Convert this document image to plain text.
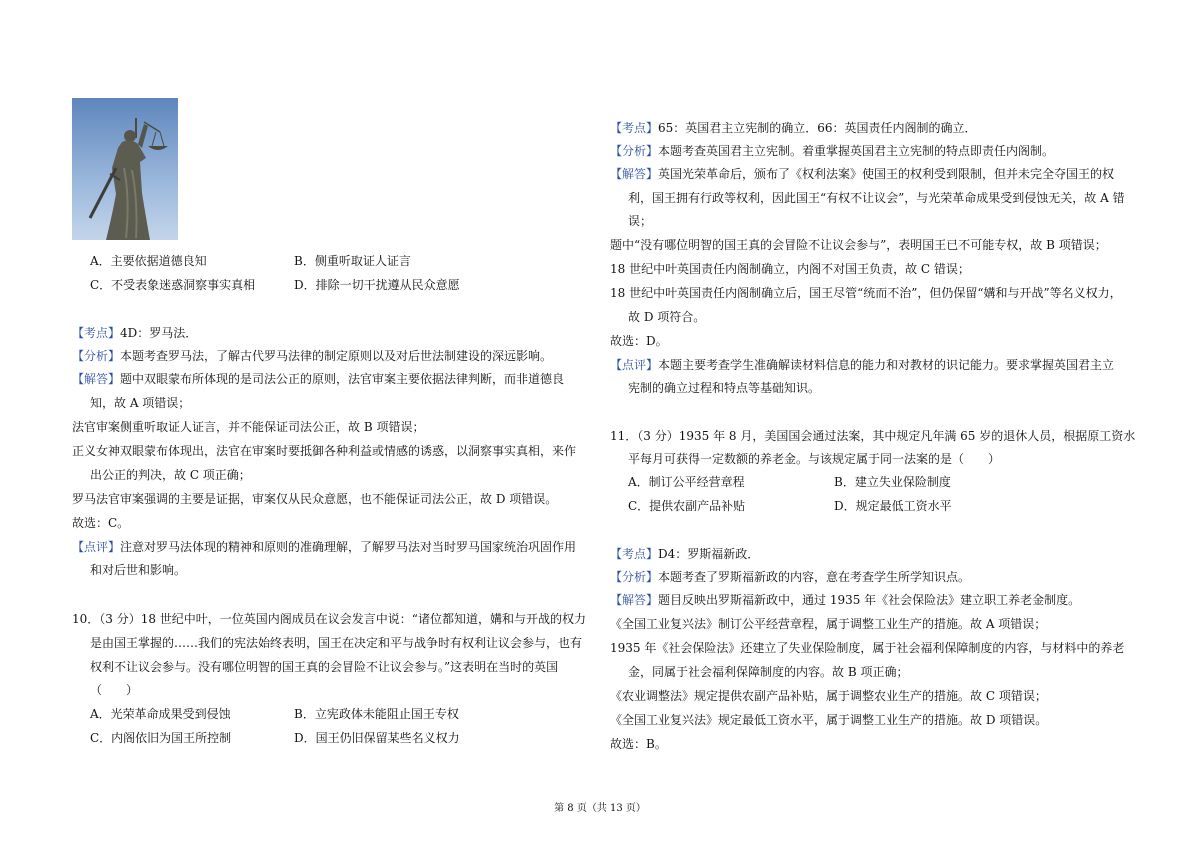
A．主要依据道德良知	B．侧重听取证人证言
C．不受表象迷惑洞察事实真相	D．排除一切干扰遵从民众意愿
【考点】4D：罗马法．
【分析】本题考查罗马法，了解古代罗马法律的制定原则以及对后世法制建设的深远影响。
【解答】题中双眼蒙布所体现的是司法公正的原则，法官审案主要依据法律判断，而非道德良
知，故 A 项错误；
法官审案侧重听取证人证言，并不能保证司法公正，故 B 项错误；
正义女神双眼蒙布体现出，法官在审案时要抵御各种利益或情感的诱惑，以洞察事实真相，来作
出公正的判决，故 C 项正确；
罗马法官审案强调的主要是证据，审案仅从民众意愿，也不能保证司法公正，故 D 项错误。
故选：C。
【点评】注意对罗马法体现的精神和原则的准确理解，了解罗马法对当时罗马国家统治巩固作用
和对后世和影响。
10．（3 分）18 世纪中叶，一位英国内阁成员在议会发言中说：“诸位都知道，媾和与开战的权力
是由国王掌握的……我们的宪法始终表明，国王在决定和平与战争时有权利让议会参与，也有
权利不让议会参与。没有哪位明智的国王真的会冒险不让议会参与。”这表明在当时的英国
（　　）
A．光荣革命成果受到侵蚀	B．立宪政体未能阻止国王专权
C．内阁依旧为国王所控制	D．国王仍旧保留某些名义权力
【考点】65：英国君主立宪制的确立．66：英国责任内阁制的确立．
【分析】本题考查英国君主立宪制。着重掌握英国君主立宪制的特点即责任内阁制。
【解答】英国光荣革命后，颁布了《权利法案》使国王的权利受到限制，但并未完全夺国王的权
利，国王拥有行政等权利，因此国王“有权不让议会”，与光荣革命成果受到侵蚀无关，故 A 错
误；
题中“没有哪位明智的国王真的会冒险不让议会参与”，表明国王已不可能专权，故 B 项错误；
18 世纪中叶英国责任内阁制确立，内阁不对国王负责，故 C 错误；
18 世纪中叶英国责任内阁制确立后，国王尽管“统而不治”，但仍保留“媾和与开战”等名义权力，
故 D 项符合。
故选：D。
【点评】本题主要考查学生准确解读材料信息的能力和对教材的识记能力。要求掌握英国君主立
宪制的确立过程和特点等基础知识。
11．（3 分）1935 年 8 月，美国国会通过法案，其中规定凡年满 65 岁的退休人员，根据原工资水
平每月可获得一定数额的养老金。与该规定属于同一法案的是（　　）
A．制订公平经营章程	B．建立失业保险制度
C．提供农副产品补贴	D．规定最低工资水平
【考点】D4：罗斯福新政．
【分析】本题考查了罗斯福新政的内容，意在考查学生所学知识点。
【解答】题目反映出罗斯福新政中，通过 1935 年《社会保险法》建立职工养老金制度。
《全国工业复兴法》制订公平经营章程，属于调整工业生产的措施。故 A 项错误；
1935 年《社会保险法》还建立了失业保险制度，属于社会福利保障制度的内容，与材料中的养老
金，同属于社会福利保障制度的内容。故 B 项正确；
《农业调整法》规定提供农副产品补贴，属于调整农业生产的措施。故 C 项错误；
《全国工业复兴法》规定最低工资水平，属于调整工业生产的措施。故 D 项错误。
故选：B。
第 8 页（共 13 页）
